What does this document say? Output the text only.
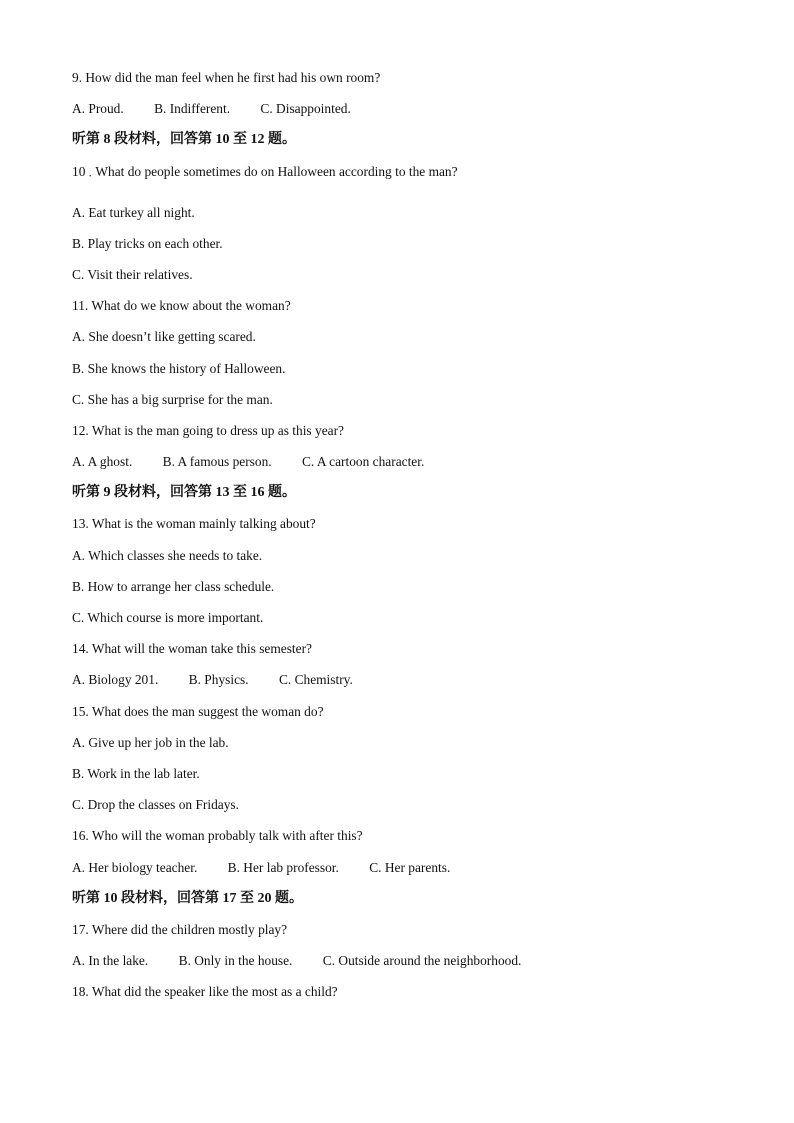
9. How did the man feel when he first had his own room?
A. Proud. B. Indifferent. C. Disappointed.
听第 8 段材料，回答第 10 至 12 题。
10 · What do people sometimes do on Halloween according to the man?
A. Eat turkey all night.
B. Play tricks on each other.
C. Visit their relatives.
11. What do we know about the woman?
A. She doesn’t like getting scared.
B. She knows the history of Halloween.
C. She has a big surprise for the man.
12. What is the man going to dress up as this year?
A. A ghost. B. A famous person. C. A cartoon character.
听第 9 段材料，回答第 13 至 16 题。
13. What is the woman mainly talking about?
A. Which classes she needs to take.
B. How to arrange her class schedule.
C. Which course is more important.
14. What will the woman take this semester?
A. Biology 201. B. Physics. C. Chemistry.
15. What does the man suggest the woman do?
A. Give up her job in the lab.
B. Work in the lab later.
C. Drop the classes on Fridays.
16. Who will the woman probably talk with after this?
A. Her biology teacher. B. Her lab professor. C. Her parents.
听第 10 段材料，回答第 17 至 20 题。
17. Where did the children mostly play?
A. In the lake. B. Only in the house. C. Outside around the neighborhood.
18. What did the speaker like the most as a child?
